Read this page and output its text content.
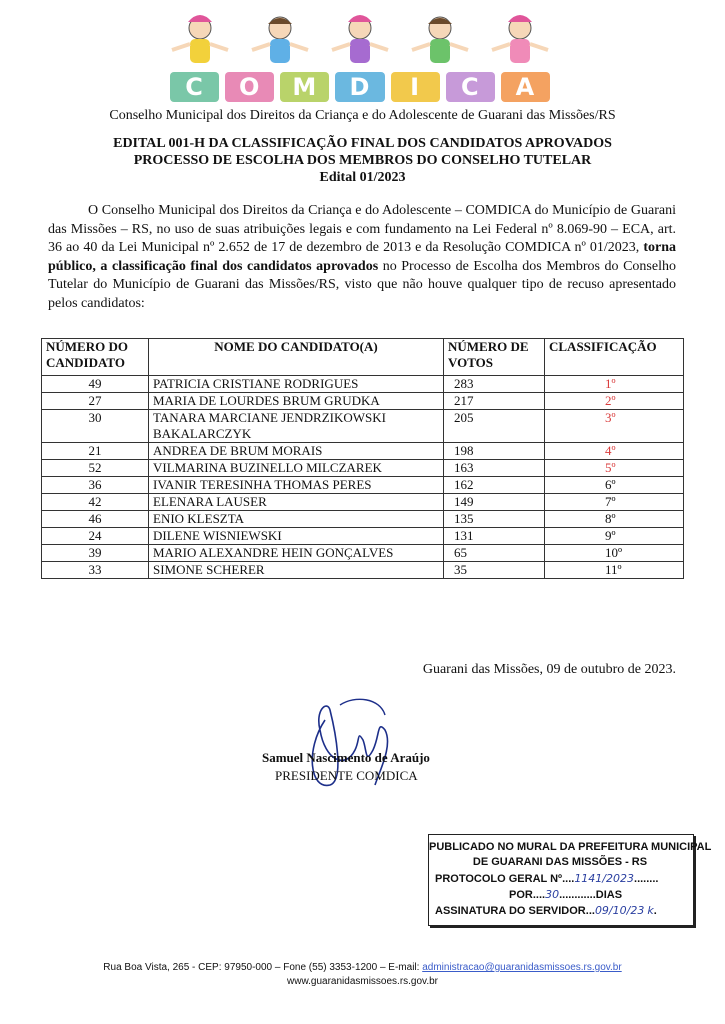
C	O	M	D	I	C	A
Conselho Municipal dos Direitos da Criança e do Adolescente de Guarani das Missões/RS
EDITAL 001-H DA CLASSIFICAÇÃO FINAL DOS CANDIDATOS APROVADOS
PROCESSO DE ESCOLHA DOS MEMBROS DO CONSELHO TUTELAR
Edital 01/2023
O Conselho Municipal dos Direitos da Criança e do Adolescente – COMDICA do Município de Guarani das Missões – RS, no uso de suas atribuições legais e com fundamento na Lei Federal nº 8.069-90 – ECA, art. 36 ao 40 da Lei Municipal nº 2.652 de 17 de dezembro de 2013 e da Resolução COMDICA nº 01/2023, torna público, a classificação final dos candidatos aprovados no Processo de Escolha dos Membros do Conselho Tutelar do Município de Guarani das Missões/RS, visto que não houve qualquer tipo de recuso apresentado pelos candidatos:
NÚMERO DO CANDIDATO	NOME DO CANDIDATO(A)	NÚMERO DE VOTOS	CLASSIFICAÇÃO
49	PATRICIA CRISTIANE RODRIGUES	283	1º
27	MARIA DE LOURDES BRUM GRUDKA	217	2º
30	TANARA MARCIANE JENDRZIKOWSKI BAKALARCZYK	205	3º
21	ANDREA DE BRUM MORAIS	198	4º
52	VILMARINA BUZINELLO MILCZAREK	163	5º
36	IVANIR TERESINHA THOMAS PERES	162	6º
42	ELENARA LAUSER	149	7º
46	ENIO KLESZTA	135	8º
24	DILENE WISNIEWSKI	131	9º
39	MARIO ALEXANDRE HEIN GONÇALVES	65	10º
33	SIMONE SCHERER	35	11º
Guarani das Missões, 09 de outubro de 2023.
Samuel Nascimento de Araújo
PRESIDENTE COMDICA
PUBLICADO NO MURAL DA PREFEITURA MUNICIPAL
DE GUARANI DAS MISSÕES - RS
PROTOCOLO GERAL Nº....1141/2023........
POR....30............DIAS
ASSINATURA DO SERVIDOR...09/10/23 k.
Rua Boa Vista, 265 - CEP: 97950-000 – Fone (55) 3353-1200 – E-mail: administracao@guaranidasmissoes.rs.gov.br
www.guaranidasmissoes.rs.gov.br
